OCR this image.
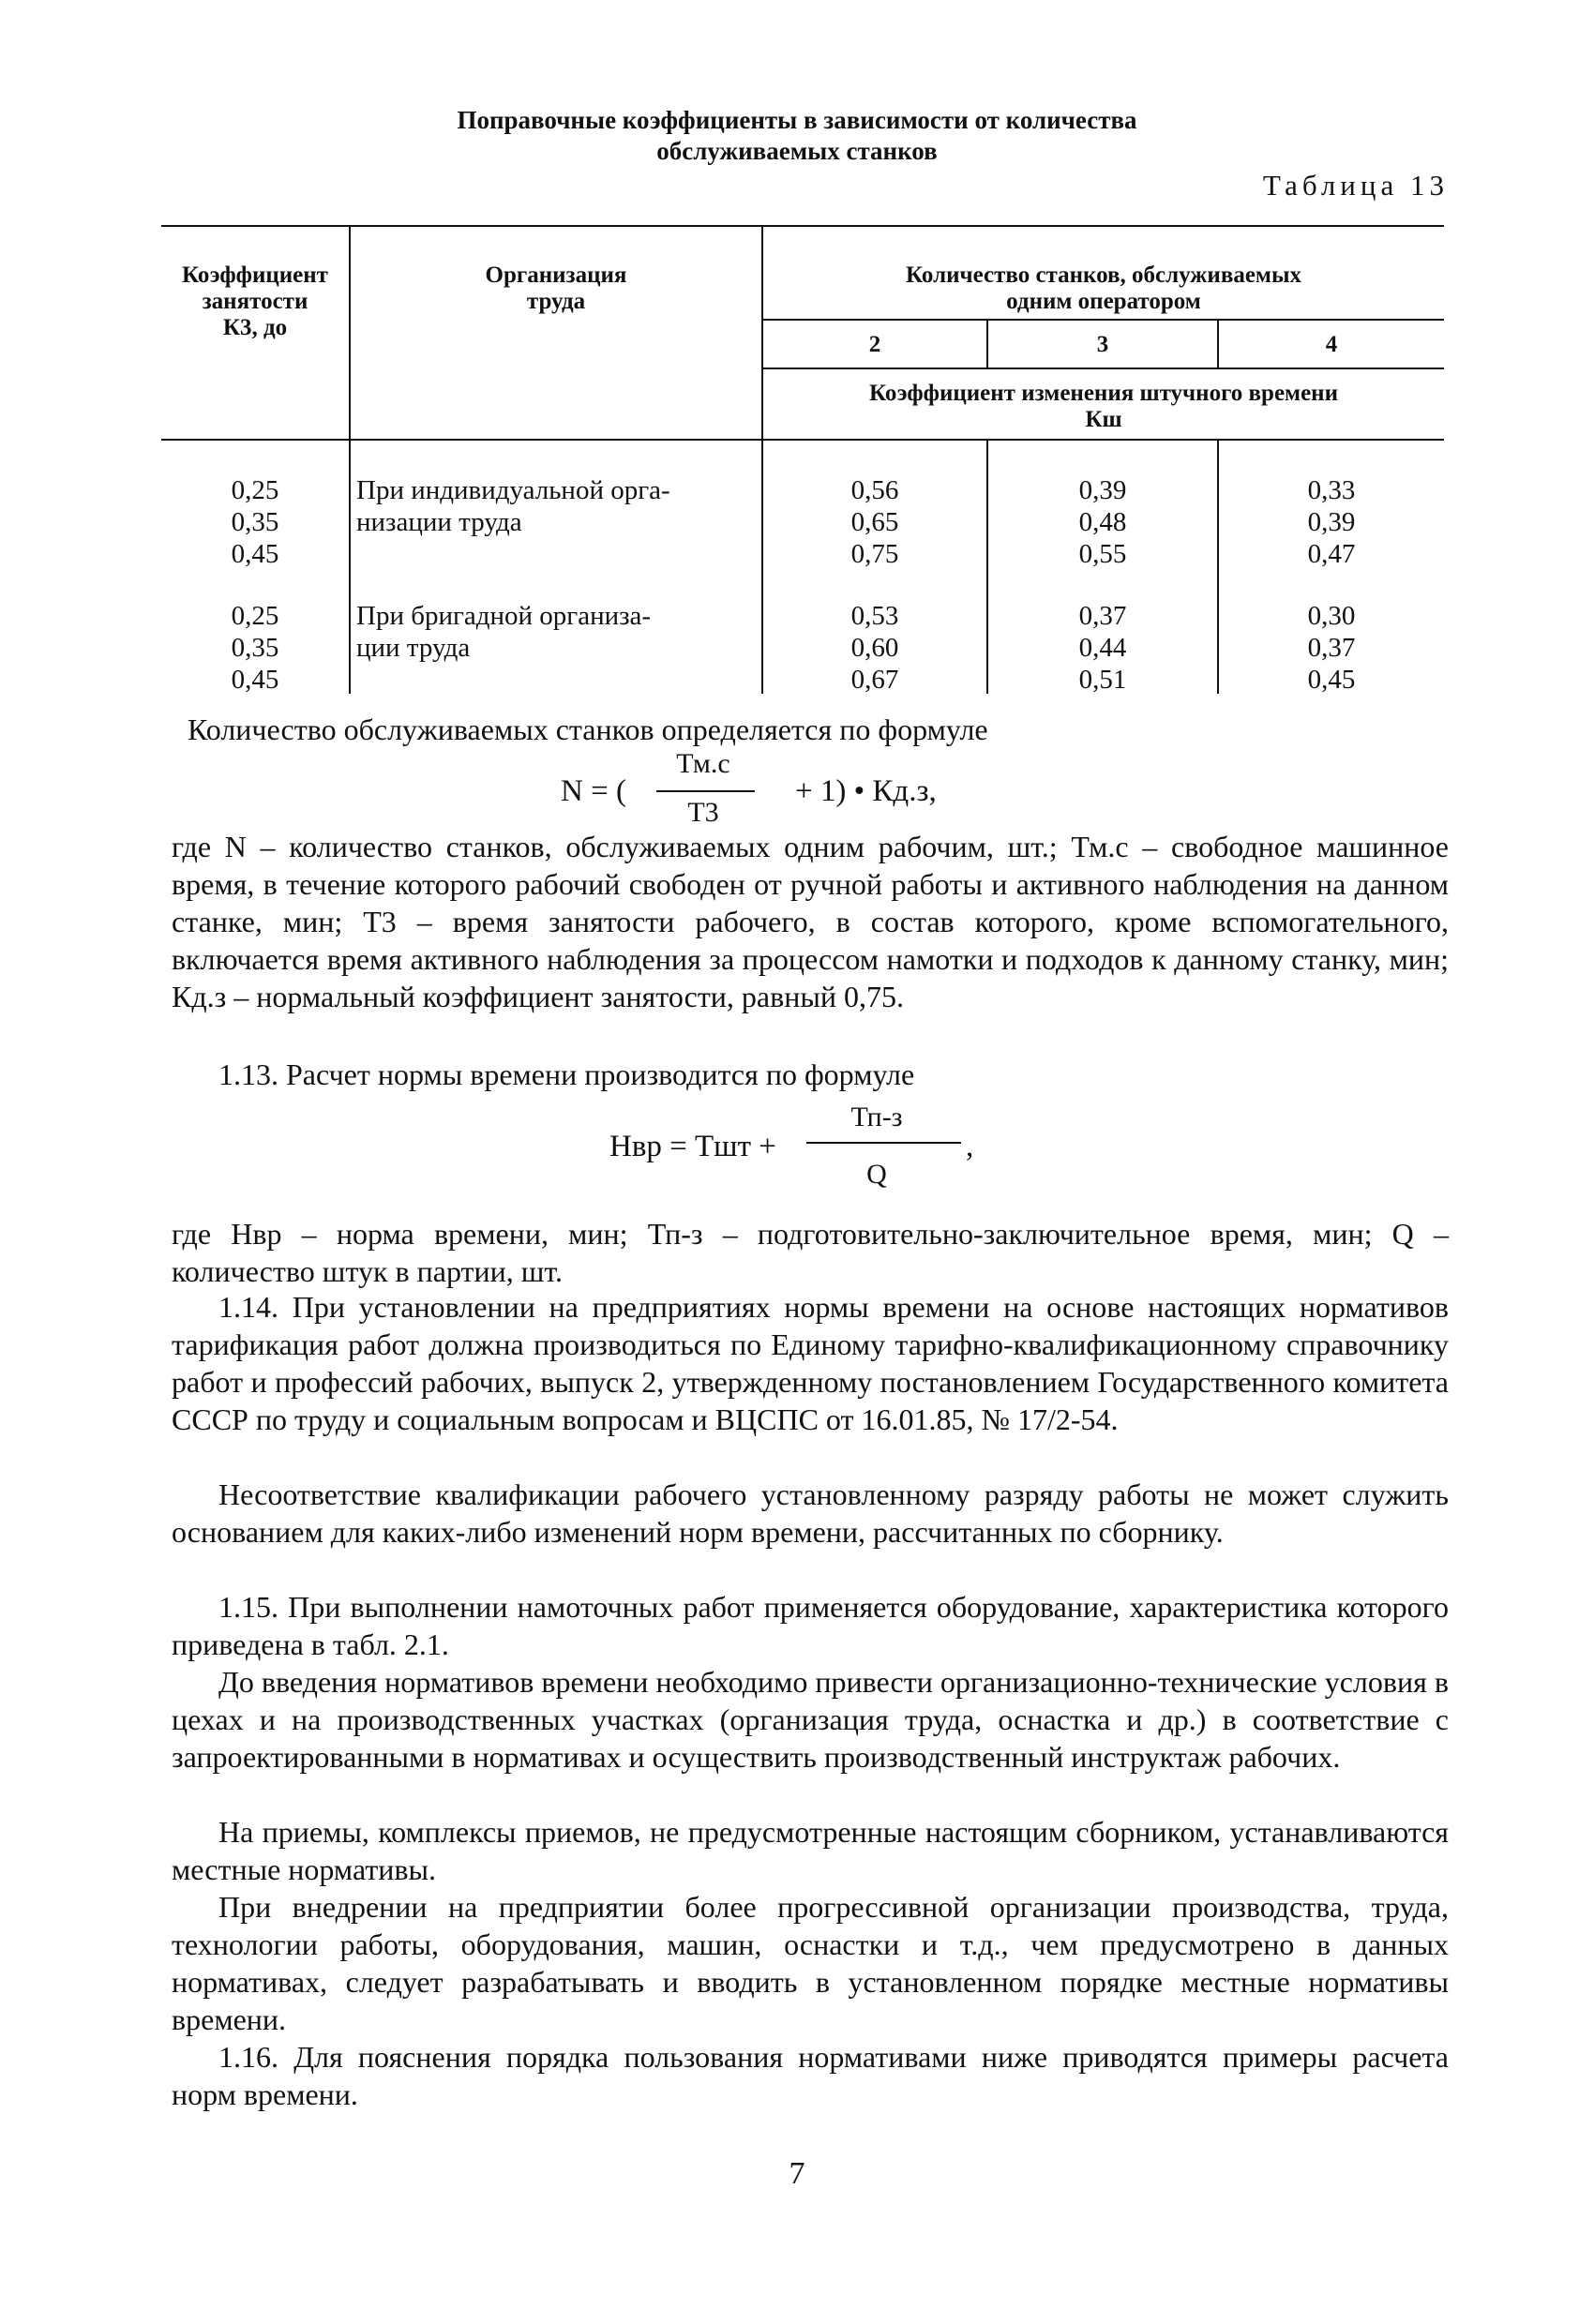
Поправочные коэффициенты в зависимости от количества
обслуживаемых станков
Таблица 13
Коэффициент
занятости
К3, до
Организация
труда
Количество станков, обслуживаемых
одним оператором
2	3	4
Коэффициент изменения штучного времени
Кш
0,25
0,35
0,45
0,56
0,65
0,75
0,39
0,48
0,55
0,33
0,39
0,47
При индивидуальной орга-
низации труда
0,25
0,35
0,45
0,53
0,60
0,67
0,37
0,44
0,51
0,30
0,37
0,45
При бригадной организа-
ции труда
Количество обслуживаемых станков определяется по формуле
N = (
Тм.с
Т3
+ 1) • Кд.з,
где N – количество станков, обслуживаемых одним рабочим, шт.; Тм.с – свободное машинное время, в течение которого рабочий свободен от ручной работы и активного наблюдения на данном станке, мин; Т3 – время занятости рабочего, в состав которого, кроме вспомогательного, включается время активного наблюдения за процессом намотки и подходов к данному станку, мин; Кд.з – нормальный коэффициент занятости, равный 0,75.
1.13. Расчет нормы времени производится по формуле
Нвр = Тшт +
Тп-з
Q
,
где Нвр – норма времени, мин; Тп-з – подготовительно-заключительное время, мин; Q – количество штук в партии, шт.
1.14. При установлении на предприятиях нормы времени на основе настоящих нормативов тарификация работ должна производиться по Единому тарифно-квалификационному справочнику работ и профессий рабочих, выпуск 2, утвержденному постановлением Государственного комитета СССР по труду и социальным вопросам и ВЦСПС от 16.01.85, № 17/2-54.
Несоответствие квалификации рабочего установленному разряду работы не может служить основанием для каких-либо изменений норм времени, рассчитанных по сборнику.
1.15. При выполнении намоточных работ применяется оборудование, характеристика которого приведена в табл. 2.1.
До введения нормативов времени необходимо привести организационно-технические условия в цехах и на производственных участках (организация труда, оснастка и др.) в соответствие с запроектированными в нормативах и осуществить производственный инструктаж рабочих.
На приемы, комплексы приемов, не предусмотренные настоящим сборником, устанавливаются местные нормативы.
При внедрении на предприятии более прогрессивной организации производства, труда, технологии работы, оборудования, машин, оснастки и т.д., чем предусмотрено в данных нормативах, следует разрабатывать и вводить в установленном порядке местные нормативы времени.
1.16. Для пояснения порядка пользования нормативами ниже приводятся примеры расчета норм времени.
7
